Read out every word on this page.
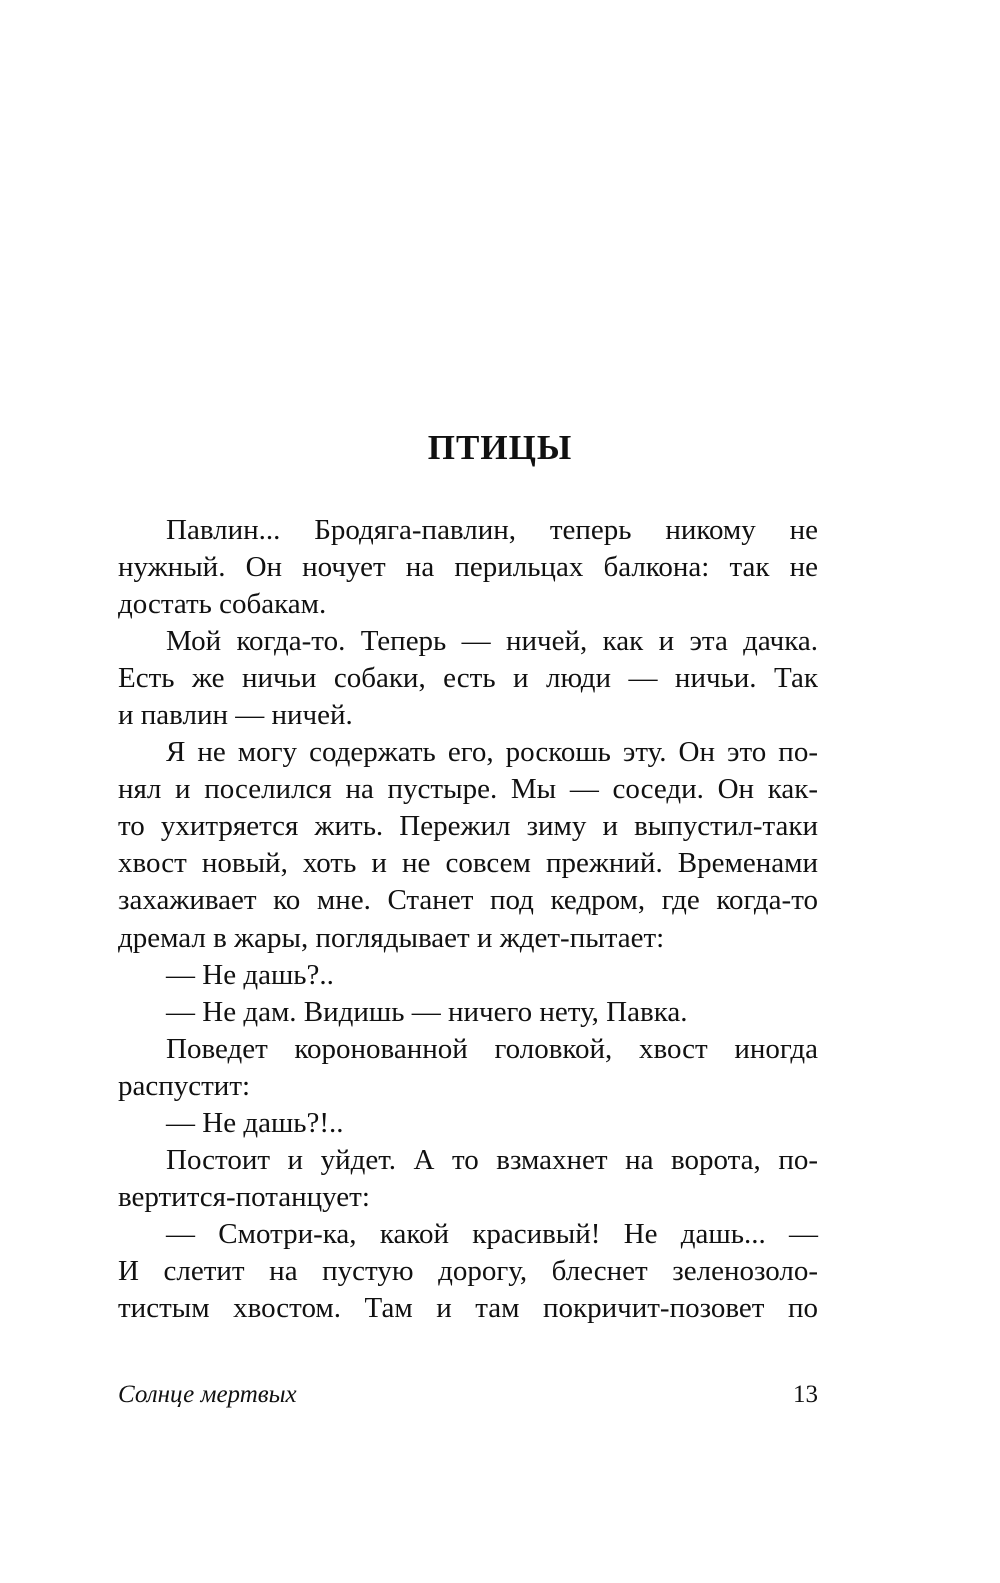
ПТИЦЫ
Павлин... Бродяга-павлин, теперь никому не
нужный. Он ночует на перильцах балкона: так не
достать собакам.
Мой когда-то. Теперь — ничей, как и эта дачка.
Есть же ничьи собаки, есть и люди — ничьи. Так
и павлин — ничей.
Я не могу содержать его, роскошь эту. Он это по-
нял и поселился на пустыре. Мы — соседи. Он как-
то ухитряется жить. Пережил зиму и выпустил-таки
хвост новый, хоть и не совсем прежний. Временами
захаживает ко мне. Станет под кедром, где когда-то
дремал в жары, поглядывает и ждет-пытает:
— Не дашь?..
— Не дам. Видишь — ничего нету, Павка.
Поведет коронованной головкой, хвост иногда
распустит:
— Не дашь?!..
Постоит и уйдет. А то взмахнет на ворота, по-
вертится-потанцует:
— Смотри-ка, какой красивый! Не дашь... —
И слетит на пустую дорогу, блеснет зеленозоло-
тистым хвостом. Там и там покричит-позовет по
Солнце мертвых	13
